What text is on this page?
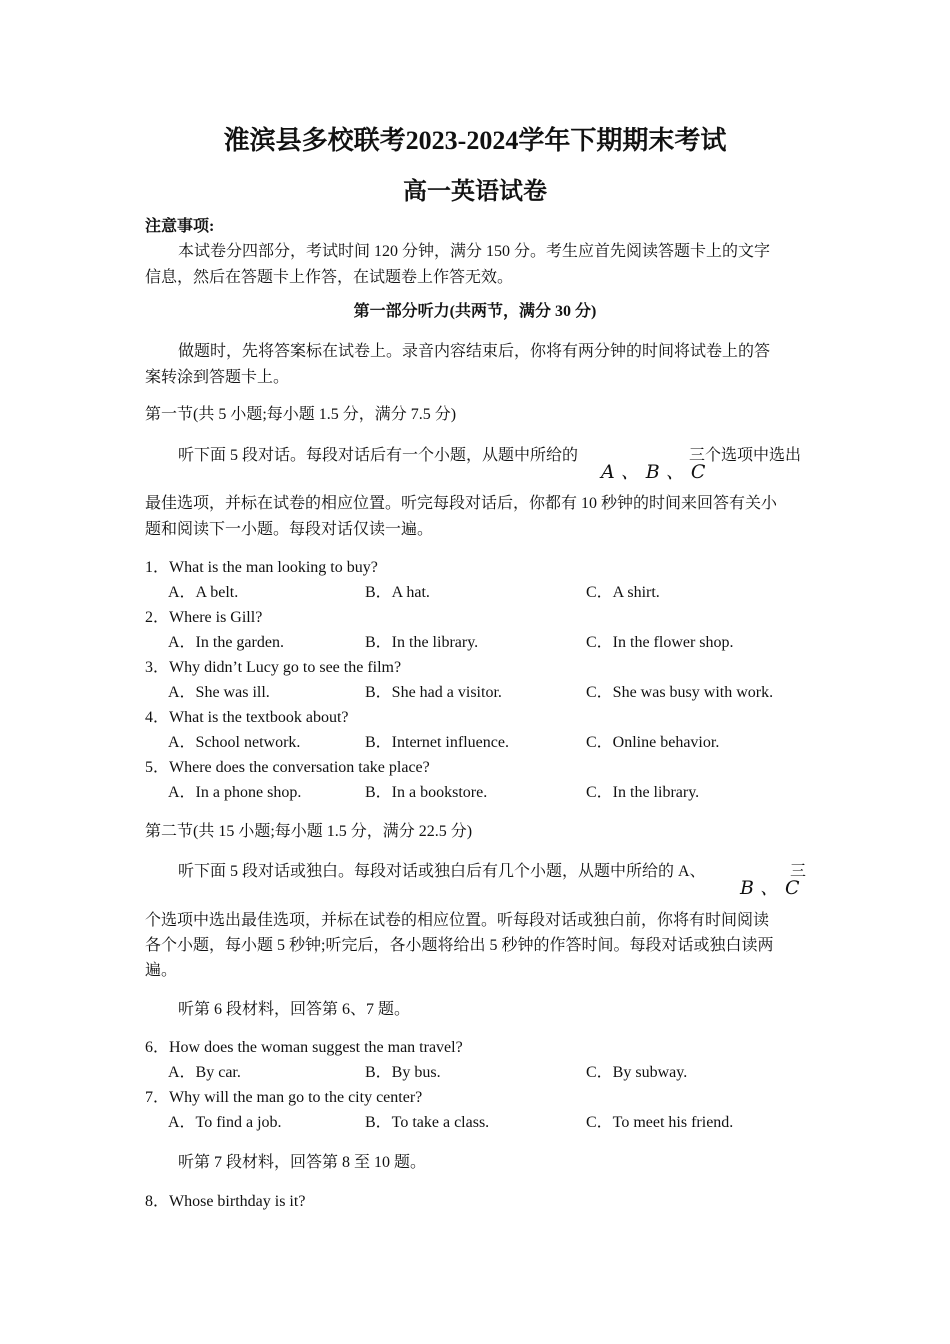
淮滨县多校联考2023-2024学年下期期末考试
高一英语试卷
注意事项:
本试卷分四部分，考试时间 120 分钟，满分 150 分。考生应首先阅读答题卡上的文字
信息，然后在答题卡上作答，在试题卷上作答无效。
第一部分听力(共两节，满分 30 分)
做题时，先将答案标在试卷上。录音内容结束后，你将有两分钟的时间将试卷上的答
案转涂到答题卡上。
第一节(共 5 小题;每小题 1.5 分，满分 7.5 分)
听下面 5 段对话。每段对话后有一个小题，从题中所给的
A 、 B 、 C
三个选项中选出
最佳选项，并标在试卷的相应位置。听完每段对话后，你都有 10 秒钟的时间来回答有关小
题和阅读下一小题。每段对话仅读一遍。
1．What is the man looking to buy?
A．A belt.	B．A hat.	C．A shirt.
2．Where is Gill?
A．In the garden.	B．In the library.	C．In the flower shop.
3．Why didn’t Lucy go to see the film?
A．She was ill.	B．She had a visitor.	C．She was busy with work.
4．What is the textbook about?
A．School network.	B．Internet influence.	C．Online behavior.
5．Where does the conversation take place?
A．In a phone shop.	B．In a bookstore.	C．In the library.
第二节(共 15 小题;每小题 1.5 分，满分 22.5 分)
听下面 5 段对话或独白。每段对话或独白后有几个小题，从题中所给的 A、
B 、 C
三
个选项中选出最佳选项，并标在试卷的相应位置。听每段对话或独白前，你将有时间阅读
各个小题，每小题 5 秒钟;听完后，各小题将给出 5 秒钟的作答时间。每段对话或独白读两
遍。
听第 6 段材料，回答第 6、7 题。
6．How does the woman suggest the man travel?
A．By car.	B．By bus.	C．By subway.
7．Why will the man go to the city center?
A．To find a job.	B．To take a class.	C．To meet his friend.
听第 7 段材料，回答第 8 至 10 题。
8．Whose birthday is it?
